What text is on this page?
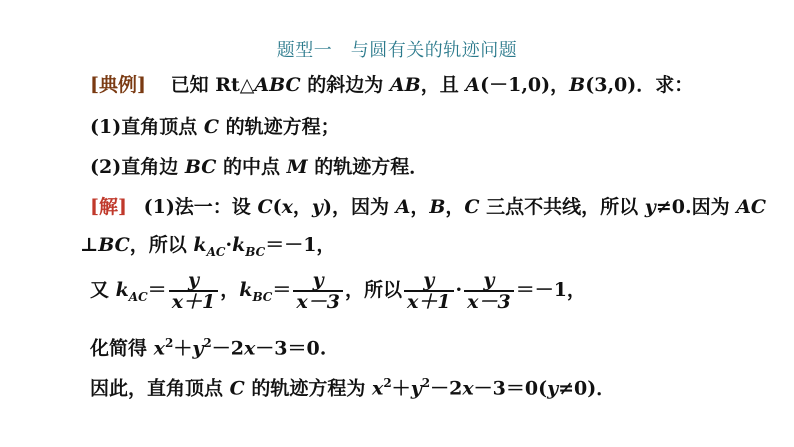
题型一　与圆有关的轨迹问题
[典例] 已知 Rt△ABC 的斜边为 AB，且 A(－1,0)，B(3,0)．求：
(1)直角顶点 C 的轨迹方程；
(2)直角边 BC 的中点 M 的轨迹方程．
[解] (1)法一：设 C(x，y)，因为 A，B，C 三点不共线，所以 y≠0.因为 AC
⊥BC，所以 $k_{AC}\cdot k_{BC}=-1$，
又 $k_{AC}= \frac{y}{x+1}$ ，$k_{BC}= \frac{y}{x-3}$ ，所以 $\frac{y}{x+1} \cdot \frac{y}{x-3} =-1$，
化简得 $x^2+y^2-2x-3=0$.
因此，直角顶点 C 的轨迹方程为 $x^2+y^2-2x-3=0(y\ne 0)$．
